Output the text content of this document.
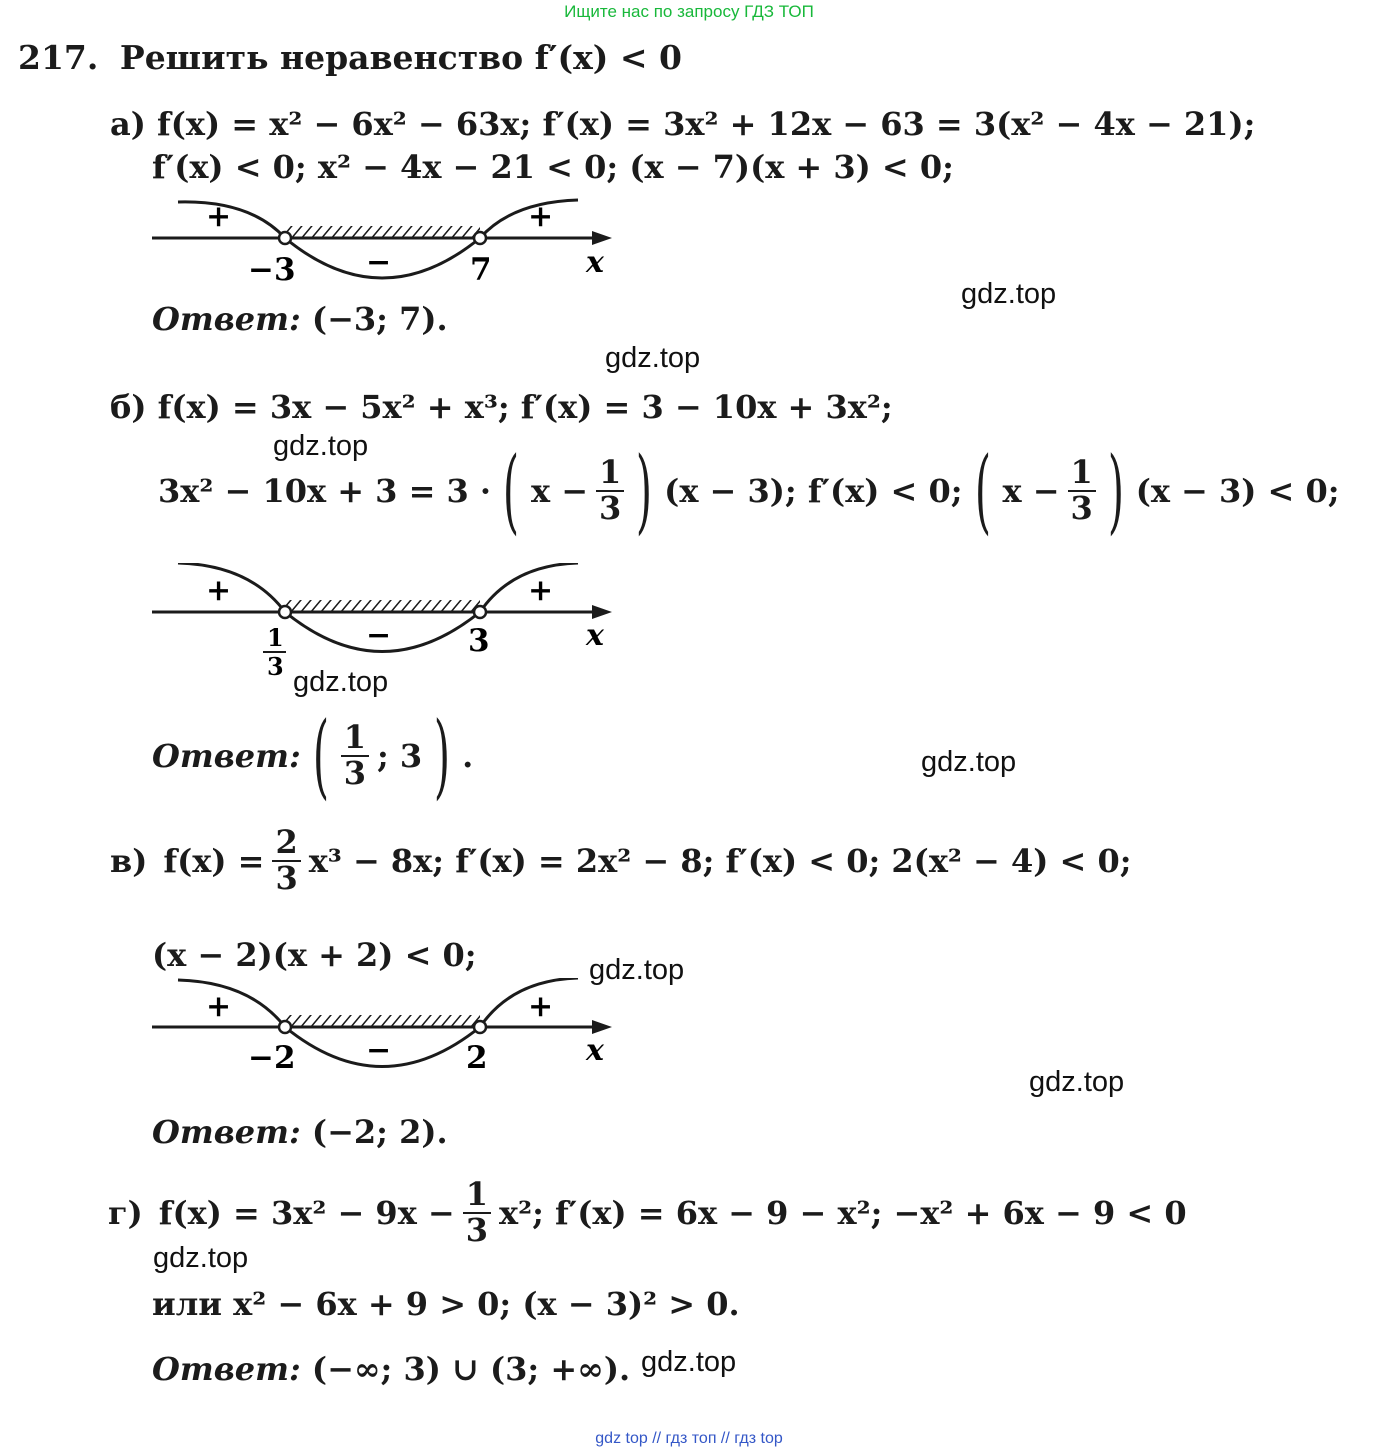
Ищите нас по запросу ГДЗ ТОП
gdz top // гдз топ // гдз top
217. Решить неравенство f′(x) < 0
а) f(x) = x² − 6x² − 63x; f′(x) = 3x² + 12x − 63 = 3(x² − 4x − 21);
f′(x) < 0; x² − 4x − 21 < 0; (x − 7)(x + 3) < 0;
+
−
+
−3	7	x
Ответ: (−3; 7).
б) f(x) = 3x − 5x² + x³; f′(x) = 3 − 10x + 3x²;
3x² − 10x + 3 = 3 · ( $x - \frac{1}{3}$ ) (x − 3); f′(x) < 0; ( $x - \frac{1}{3}$ ) (x − 3) < 0;
+
−
+
1
3
3	x
Ответ: ( $\frac{1}{3}$ ; 3 ) .
в) $f(x) = \frac{2}{3} x^3 - 8x$; f′(x) = 2x² − 8; f′(x) < 0; 2(x² − 4) < 0;
(x − 2)(x + 2) < 0;
+
−
+
−2	2	x
Ответ: (−2; 2).
г) $f(x) = 3x^2 - 9x - \frac{1}{3} x^2$; f′(x) = 6x − 9 − x²; −x² + 6x − 9 < 0
или x² − 6x + 9 > 0; (x − 3)² > 0.
Ответ: (−∞; 3) ∪ (3; +∞).
gdz.top
gdz.top
gdz.top
gdz.top
gdz.top
gdz.top
gdz.top
gdz.top
gdz.top
